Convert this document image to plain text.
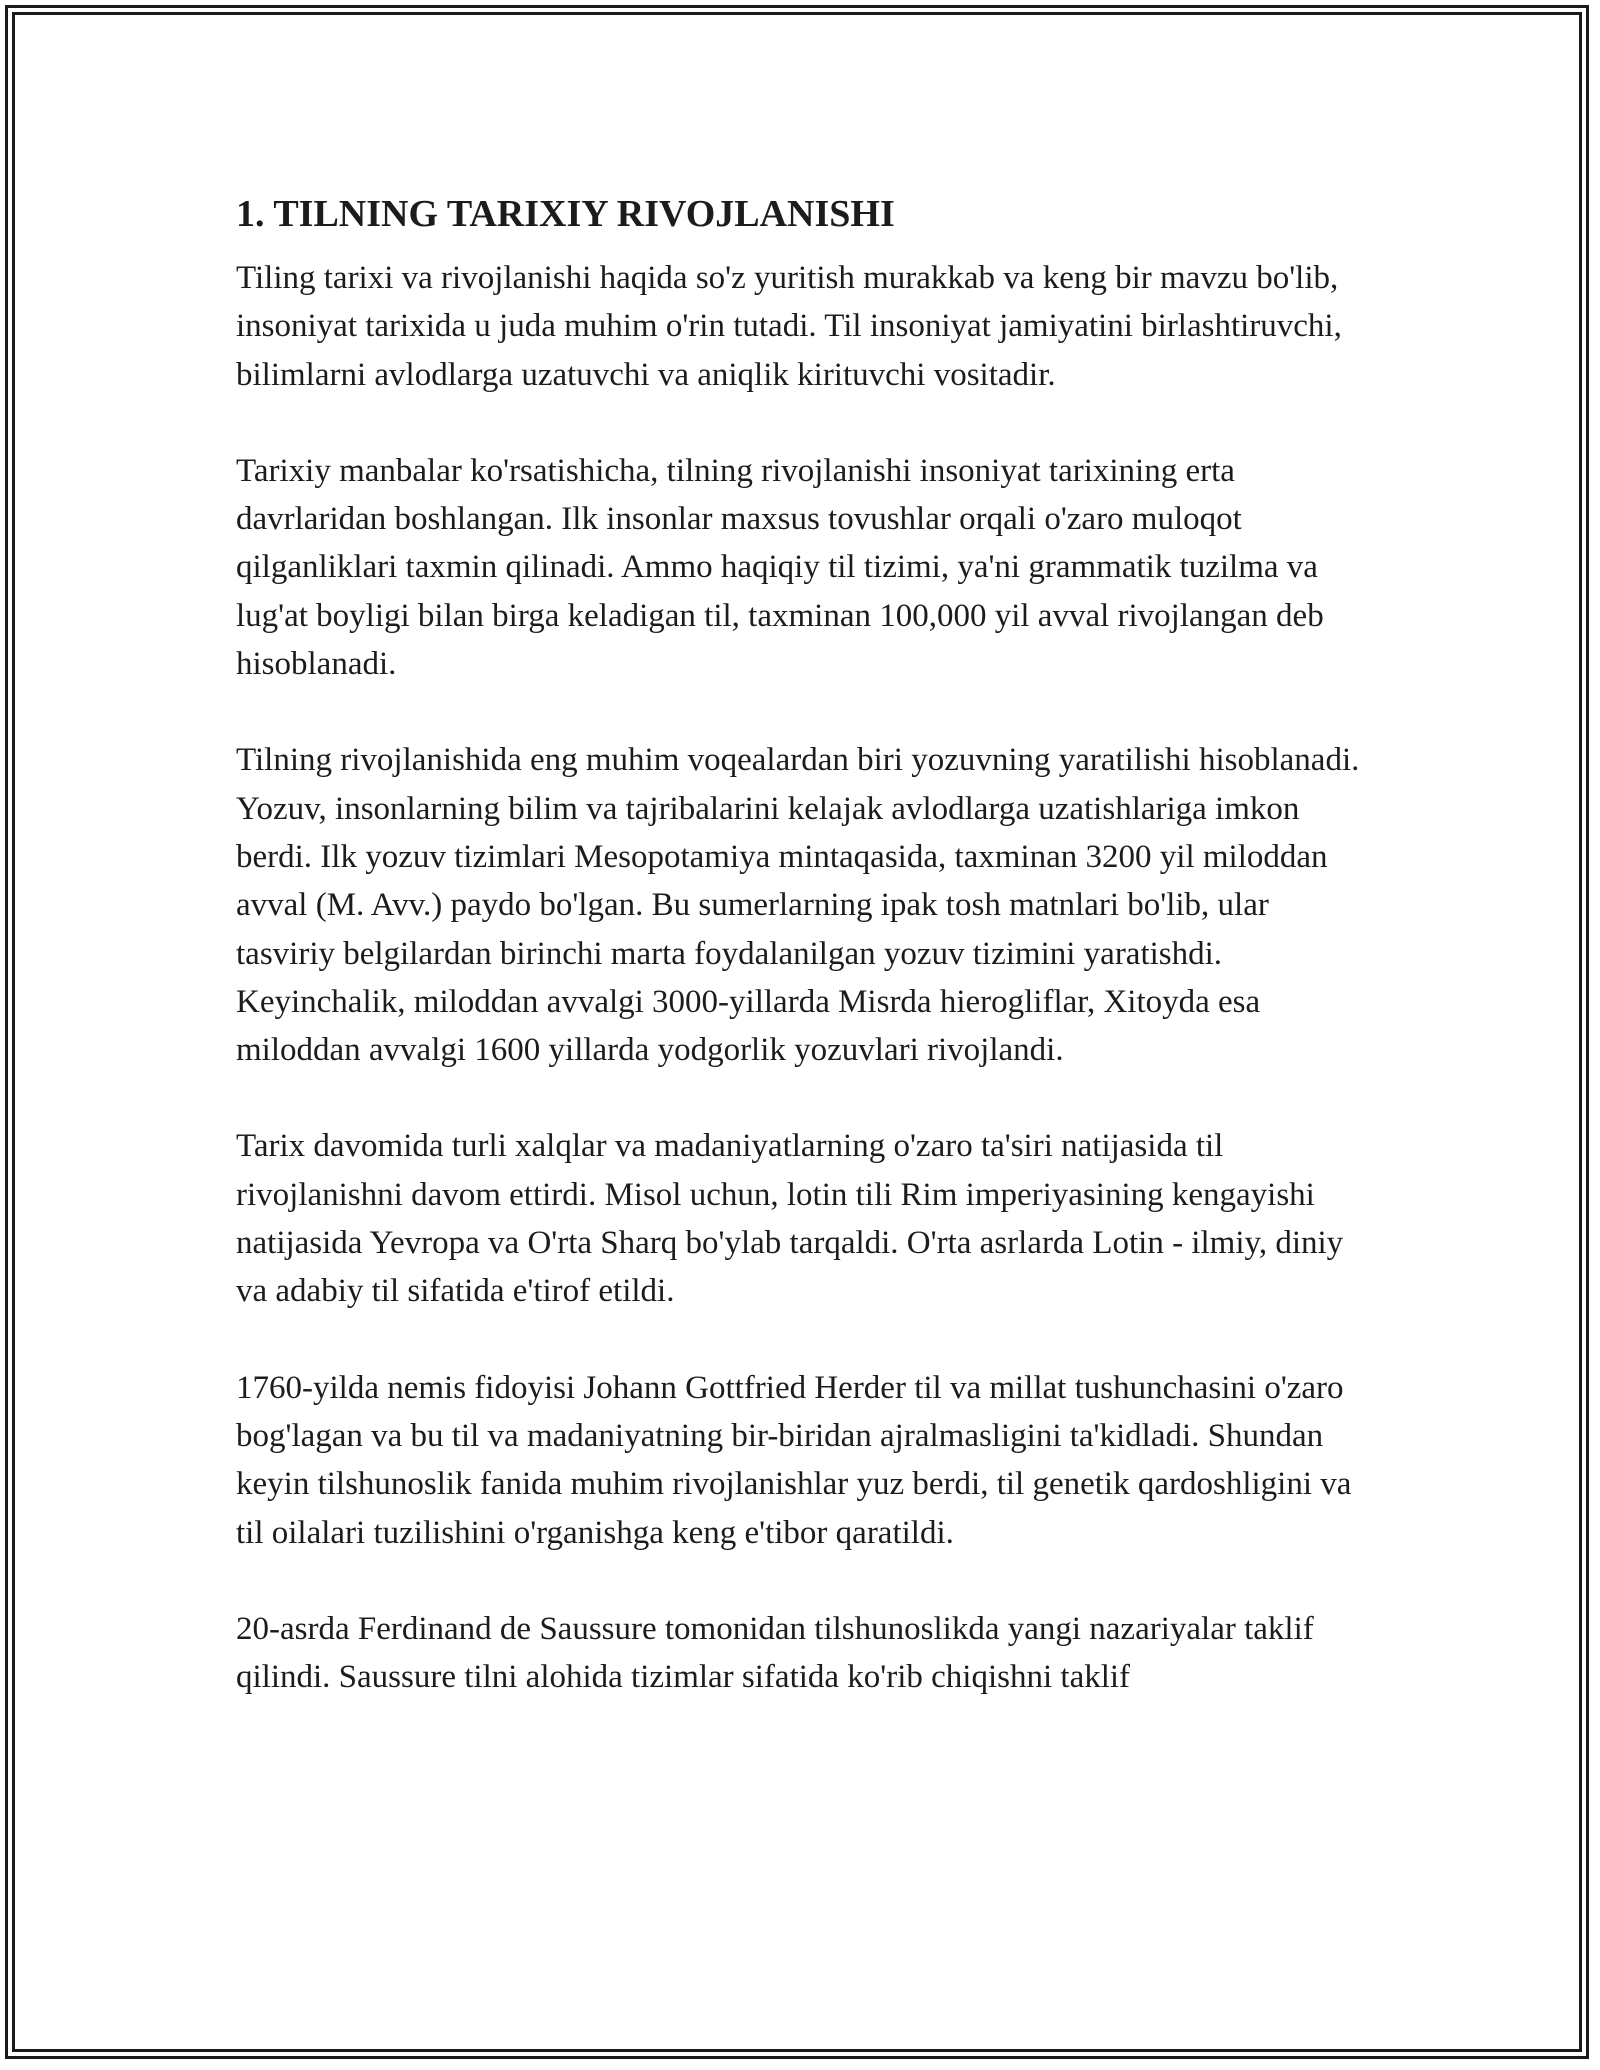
1. TILNING TARIXIY RIVOJLANISHI

Tiling tarixi va rivojlanishi haqida so'z yuritish murakkab va keng bir mavzu bo'lib, insoniyat tarixida u juda muhim o'rin tutadi. Til insoniyat jamiyatini birlashtiruvchi, bilimlarni avlodlarga uzatuvchi va aniqlik kirituvchi vositadir.

Tarixiy manbalar ko'rsatishicha, tilning rivojlanishi insoniyat tarixining erta davrlaridan boshlangan. Ilk insonlar maxsus tovushlar orqali o'zaro muloqot qilganliklari taxmin qilinadi. Ammo haqiqiy til tizimi, ya'ni grammatik tuzilma va lug'at boyligi bilan birga keladigan til, taxminan 100,000 yil avval rivojlangan deb hisoblanadi.

Tilning rivojlanishida eng muhim voqealardan biri yozuvning yaratilishi hisoblanadi. Yozuv, insonlarning bilim va tajribalarini kelajak avlodlarga uzatishlariga imkon berdi. Ilk yozuv tizimlari Mesopotamiya mintaqasida, taxminan 3200 yil miloddan avval (M. Avv.) paydo bo'lgan. Bu sumerlarning ipak tosh matnlari bo'lib, ular tasviriy belgilardan birinchi marta foydalanilgan yozuv tizimini yaratishdi. Keyinchalik, miloddan avvalgi 3000-yillarda Misrda hierogliflar, Xitoyda esa miloddan avvalgi 1600 yillarda yodgorlik yozuvlari rivojlandi.

Tarix davomida turli xalqlar va madaniyatlarning o'zaro ta'siri natijasida til rivojlanishni davom ettirdi. Misol uchun, lotin tili Rim imperiyasining kengayishi natijasida Yevropa va O'rta Sharq bo'ylab tarqaldi. O'rta asrlarda Lotin - ilmiy, diniy va adabiy til sifatida e'tirof etildi.

1760-yilda nemis fidoyisi Johann Gottfried Herder til va millat tushunchasini o'zaro bog'lagan va bu til va madaniyatning bir-biridan ajralmasligini ta'kidladi. Shundan keyin tilshunoslik fanida muhim rivojlanishlar yuz berdi, til genetik qardoshligini va til oilalari tuzilishini o'rganishga keng e'tibor qaratildi.

20-asrda Ferdinand de Saussure tomonidan tilshunoslikda yangi nazariyalar taklif qilindi. Saussure tilni alohida tizimlar sifatida ko'rib chiqishni taklif
